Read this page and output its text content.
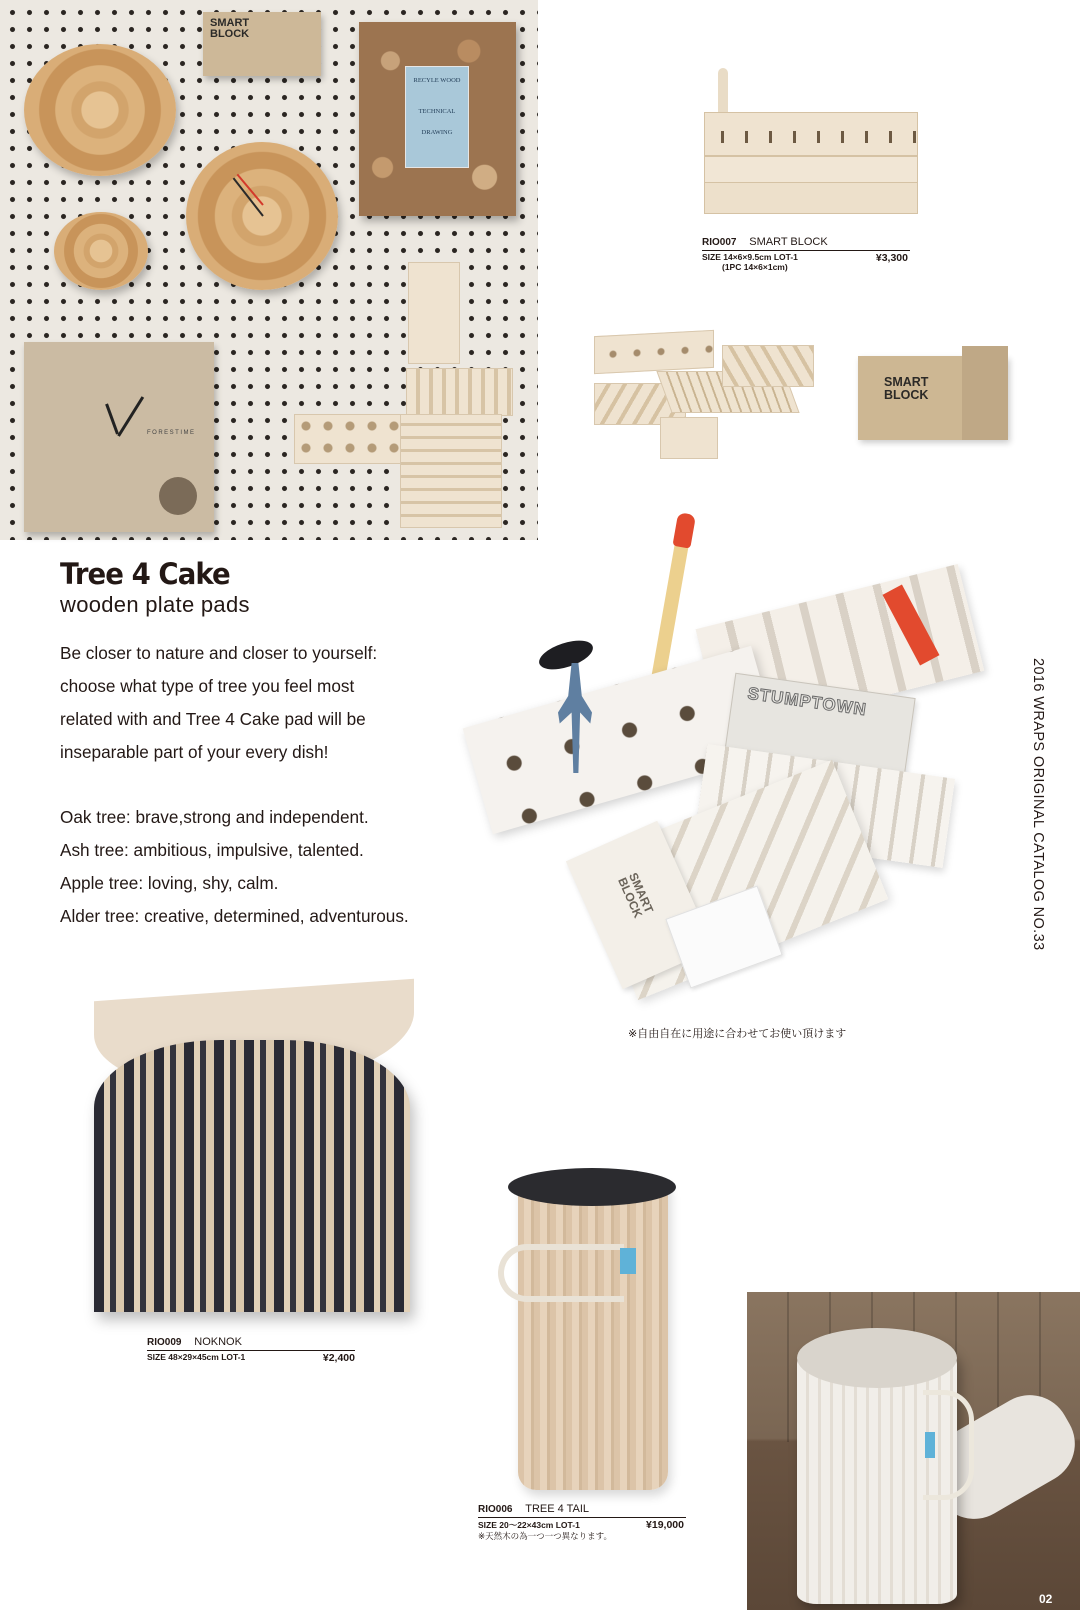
SMART BLOCK
RECYLE WOOD
TECHNICAL
DRAWING
FORESTIME
RIO007 SMART BLOCK
SIZE 14×6×9.5cm LOT-1
(1PC 14×6×1cm)
¥3,300
SMART BLOCK
Tree 4 Cake
wooden plate pads
Be closer to nature and closer to yourself:
choose what type of tree you feel most
related with and Tree 4 Cake pad will be
inseparable part of your every dish!
Oak tree: brave,strong and independent.
Ash tree: ambitious, impulsive, talented.
Apple tree: loving, shy, calm.
Alder tree: creative, determined, adventurous.
STUMPTOWN
SMART BLOCK
※自由自在に用途に合わせてお使い頂けます
2016 WRAPS ORIGINAL CATALOG NO.33
RIO009 NOKNOK
SIZE 48×29×45cm LOT-1	¥2,400
RIO006 TREE 4 TAIL
SIZE 20～22×43cm LOT-1
※天然木の為一つ一つ異なります。
¥19,000
02
